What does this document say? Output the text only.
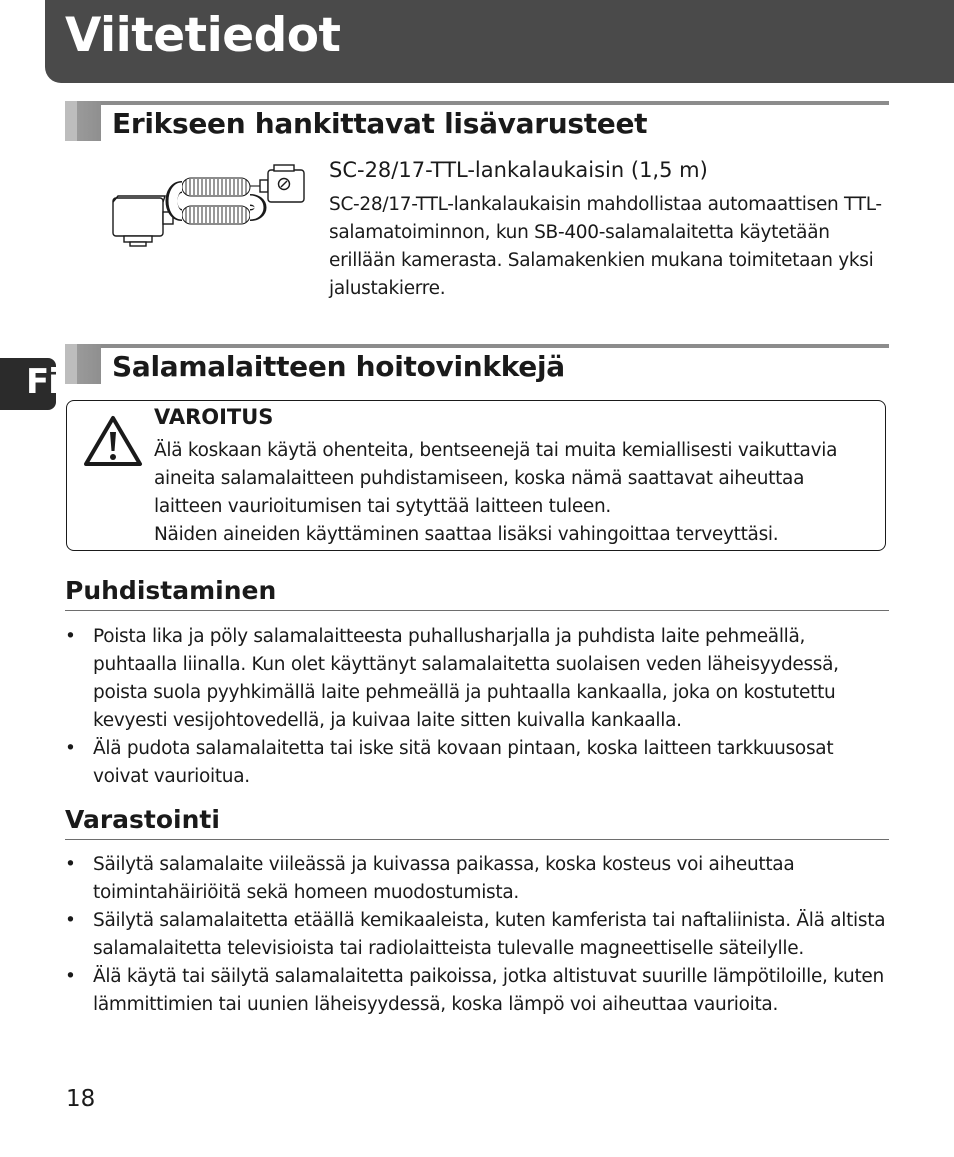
Viitetiedot
Fi
Erikseen hankittavat lisävarusteet

SC-28/17-TTL-lankalaukaisin (1,5 m)

SC-28/17-TTL-lankalaukaisin mahdollistaa automaattisen TTL-salamatoiminnon, kun SB-400-salamalaitetta käytetään erillään kamerasta. Salamakenkien mukana toimitetaan yksi jalustakierre.

Salamalaitteen hoitovinkkejä
VAROITUS
Älä koskaan käytä ohenteita, bentseenejä tai muita kemiallisesti vaikuttavia aineita salamalaitteen puhdistamiseen, koska nämä saattavat aiheuttaa laitteen vaurioitumisen tai sytyttää laitteen tuleen.
Näiden aineiden käyttäminen saattaa lisäksi vahingoittaa terveyttäsi.
Puhdistaminen
• Poista lika ja pöly salamalaitteesta puhallusharjalla ja puhdista laite pehmeällä, puhtaalla liinalla. Kun olet käyttänyt salamalaitetta suolaisen veden läheisyydessä, poista suola pyyhkimällä laite pehmeällä ja puhtaalla kankaalla, joka on kostutettu kevyesti vesijohtovedellä, ja kuivaa laite sitten kuivalla kankaalla.
• Älä pudota salamalaitetta tai iske sitä kovaan pintaan, koska laitteen tarkkuusosat voivat vaurioitua.
Varastointi
• Säilytä salamalaite viileässä ja kuivassa paikassa, koska kosteus voi aiheuttaa toimintahäiriöitä sekä homeen muodostumista.
• Säilytä salamalaitetta etäällä kemikaaleista, kuten kamferista tai naftaliinista. Älä altista salamalaitetta televisioista tai radiolaitteista tulevalle magneettiselle säteilylle.
• Älä käytä tai säilytä salamalaitetta paikoissa, jotka altistuvat suurille lämpötiloille, kuten lämmittimien tai uunien läheisyydessä, koska lämpö voi aiheuttaa vaurioita.
18
